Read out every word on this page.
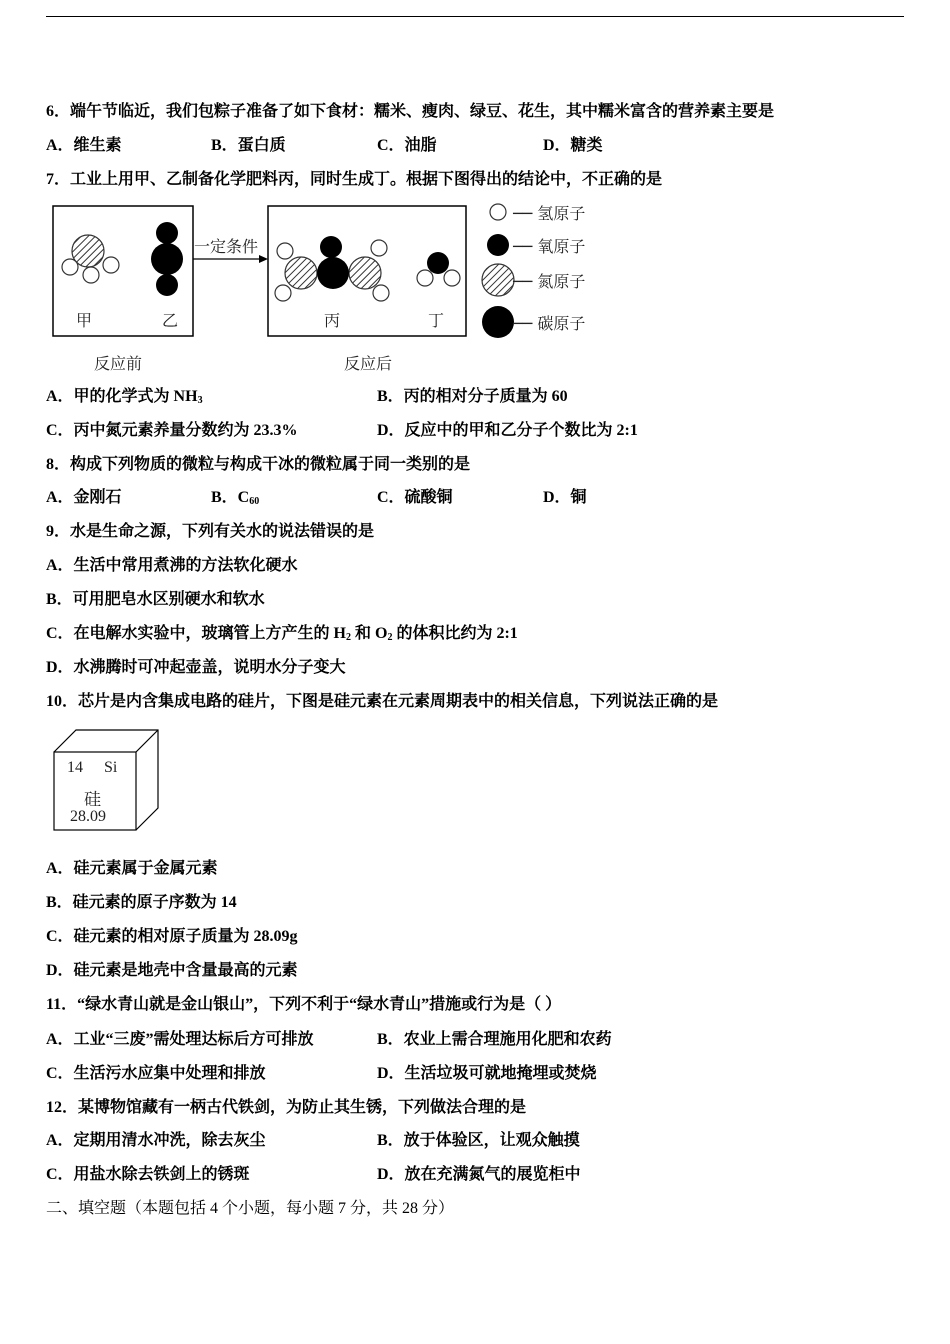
6．端午节临近，我们包粽子准备了如下食材：糯米、瘦肉、绿豆、花生，其中糯米富含的营养素主要是
A．维生素	B．蛋白质	C．油脂	D．糖类
7．工业上用甲、乙制备化学肥料丙，同时生成丁。根据下图得出的结论中，不正确的是
一定条件
甲	乙	丙	丁
反应前	反应后
── 氢原子
── 氧原子
── 氮原子
── 碳原子
A．甲的化学式为 $NH_3$	B．丙的相对分子质量为 60
C．丙中氮元素养量分数约为 23.3%	D．反应中的甲和乙分子个数比为 2:1
8．构成下列物质的微粒与构成干冰的微粒属于同一类别的是
A．金刚石	B．$C_{60}$	C．硫酸铜	D．铜
9．水是生命之源，下列有关水的说法错误的是
A．生活中常用煮沸的方法软化硬水
B．可用肥皂水区别硬水和软水
C．在电解水实验中，玻璃管上方产生的 $H_2$ 和 $O_2$ 的体积比约为 2:1
D．水沸腾时可冲起壶盖，说明水分子变大
10．芯片是内含集成电路的硅片，下图是硅元素在元素周期表中的相关信息，下列说法正确的是
14 Si
硅
28.09
A．硅元素属于金属元素
B．硅元素的原子序数为 14
C．硅元素的相对原子质量为 28.09g
D．硅元素是地壳中含量最高的元素
11．“绿水青山就是金山银山”，下列不利于“绿水青山”措施或行为是（ ）
A．工业“三废”需处理达标后方可排放	B．农业上需合理施用化肥和农药
C．生活污水应集中处理和排放	D．生活垃圾可就地掩埋或焚烧
12．某博物馆藏有一柄古代铁剑，为防止其生锈，下列做法合理的是
A．定期用清水冲洗，除去灰尘	B．放于体验区，让观众触摸
C．用盐水除去铁剑上的锈斑	D．放在充满氮气的展览柜中
二、填空题（本题包括 4 个小题，每小题 7 分，共 28 分）
